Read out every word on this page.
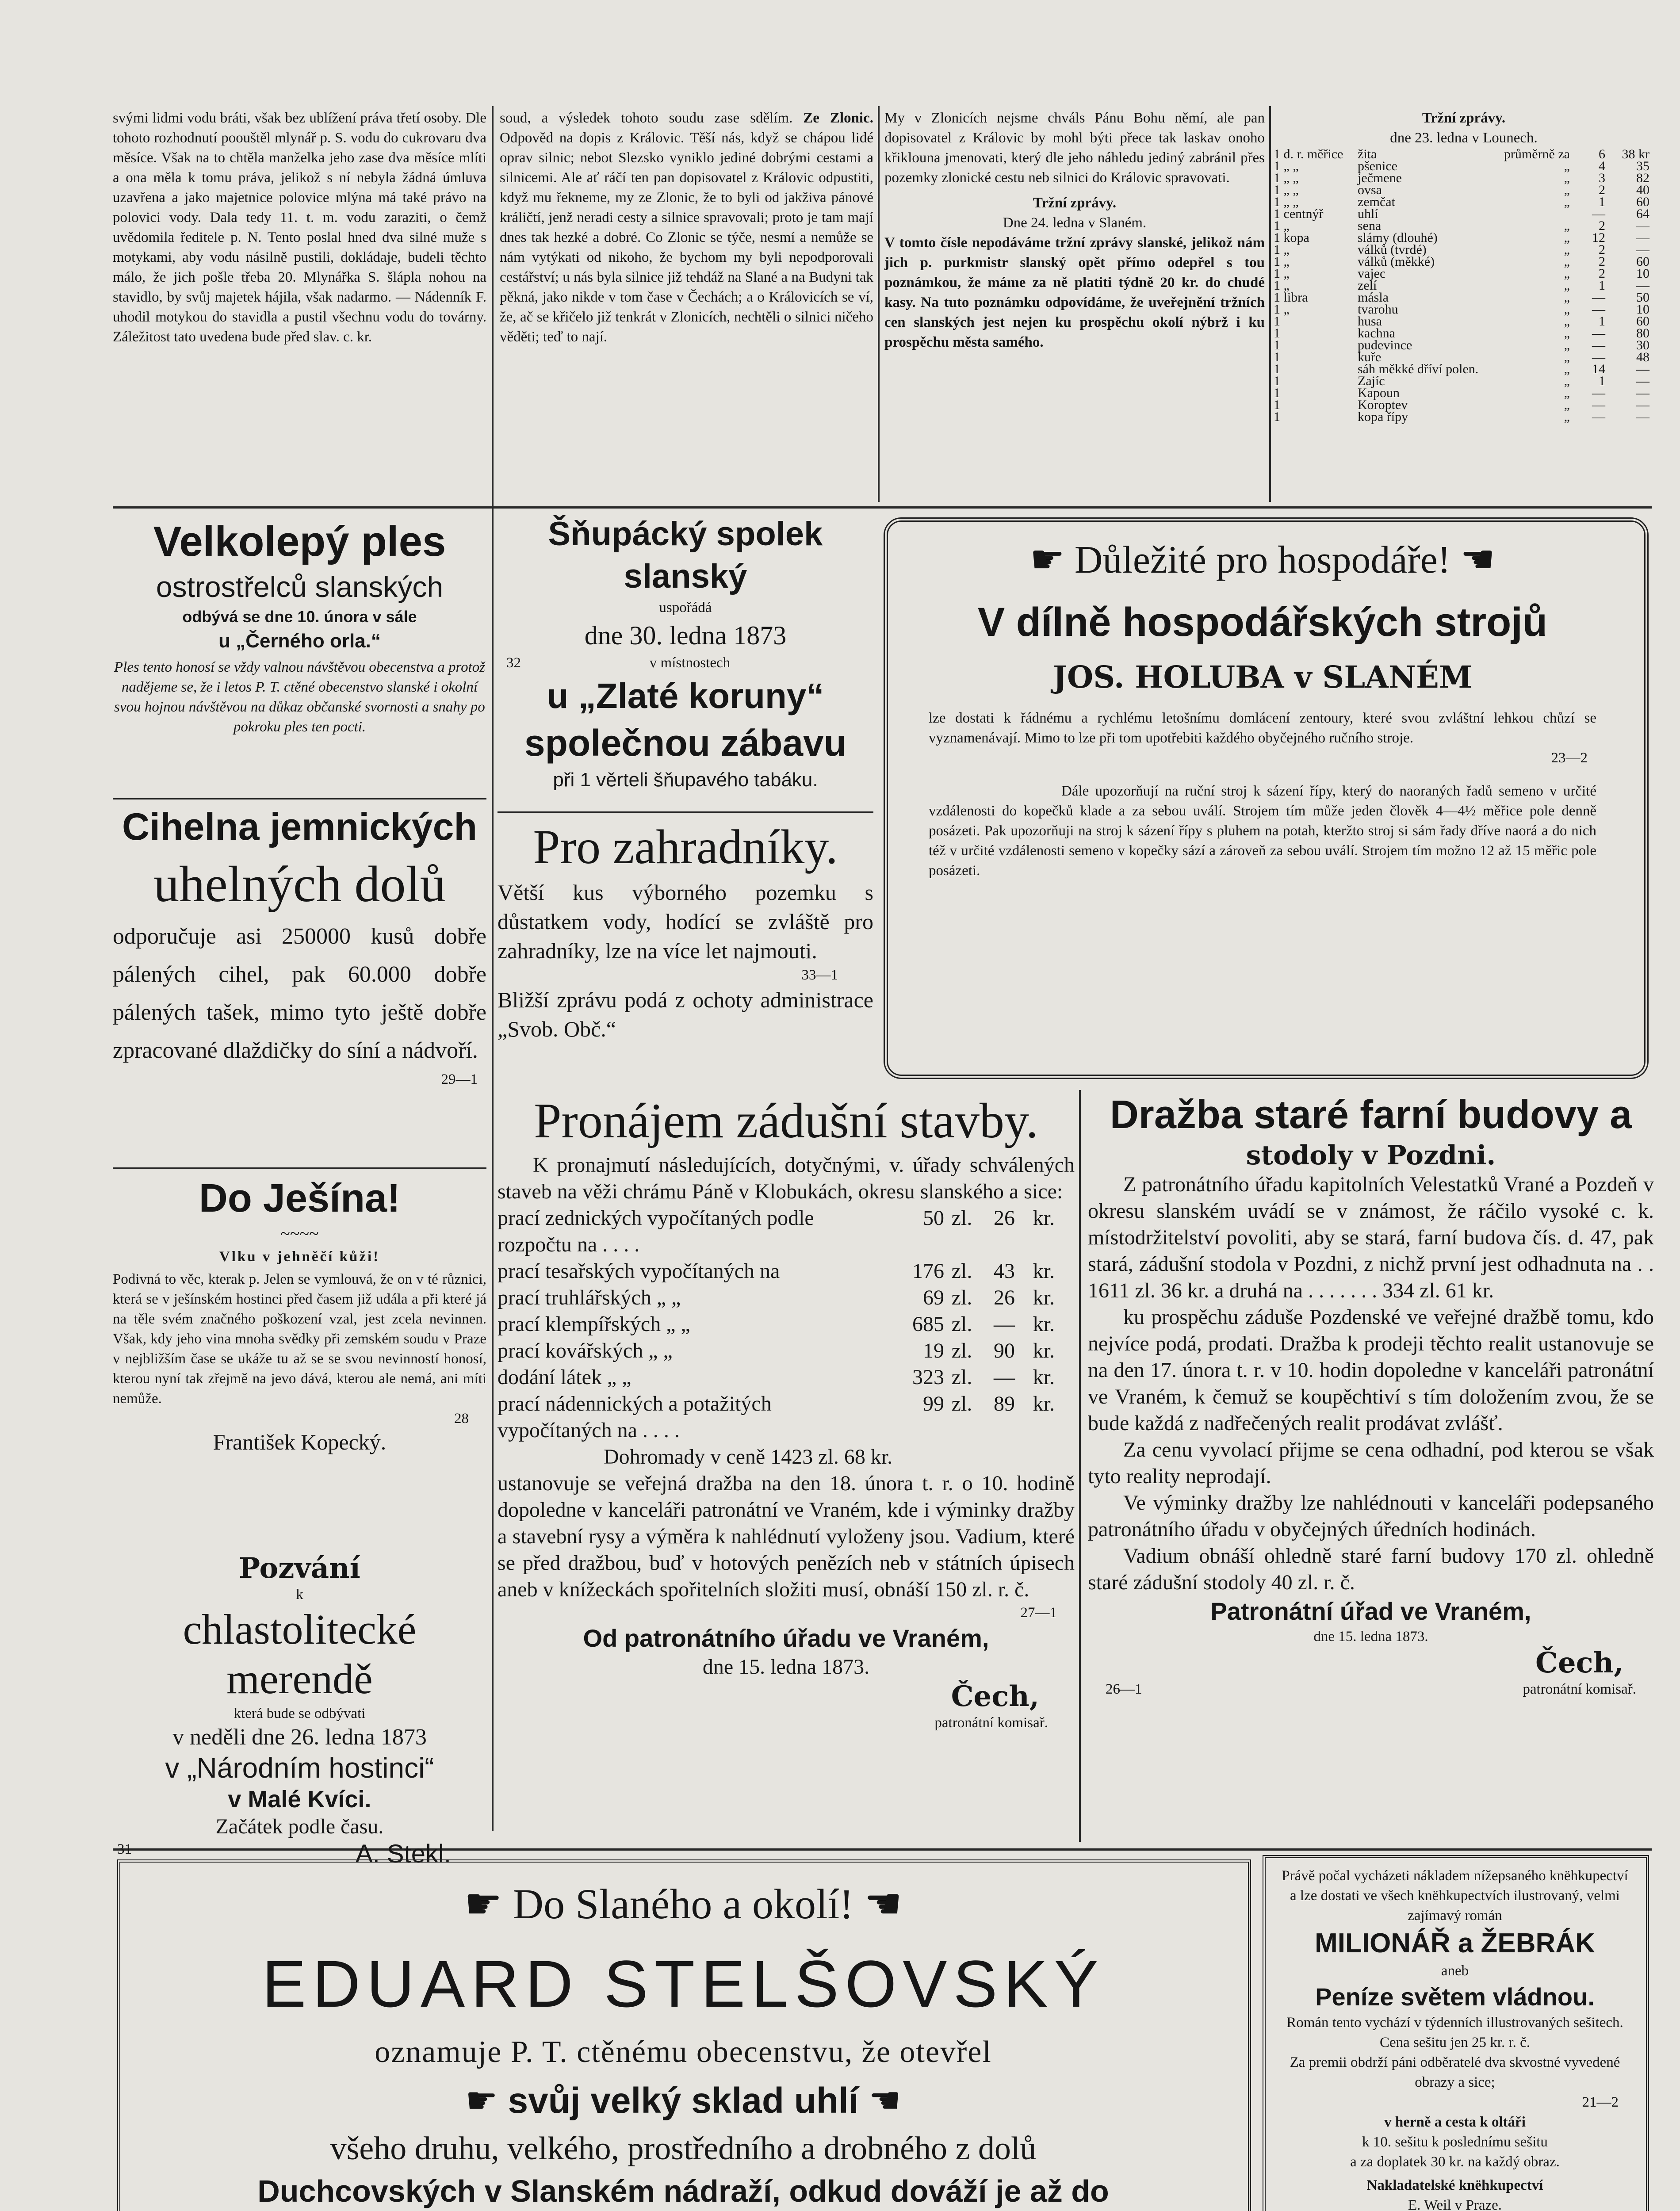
svými lidmi vodu bráti, však bez ublížení práva třetí osoby. Dle tohoto rozhodnutí poouštěl mlynář p. S. vodu do cukrovaru dva měsíce. Však na to chtěla manželka jeho zase dva měsíce mlíti a ona měla k tomu práva, jelikož s ní nebyla žádná úmluva uzavřena a jako majetnice polovice mlýna má také právo na polovici vody. Dala tedy 11. t. m. vodu zaraziti, o čemž uvědomila ředitele p. N. Tento poslal hned dva silné muže s motykami, aby vodu násilně pustili, dokládaje, budeli těchto málo, že jich pošle třeba 20. Mlynářka S. šlápla nohou na stavidlo, by svůj majetek hájila, však nadarmo. — Nádenník F. uhodil motykou do stavidla a pustil všechnu vodu do továrny. Záležitost tato uvedena bude před slav. c. kr.

soud, a výsledek tohoto soudu zase sdělím. Ze Zlonic. Odpověd na dopis z Královic. Těší nás, když se chápou lidé oprav silnic; nebot Slezsko vyniklo jediné dobrými cestami a silnicemi. Ale ať ráčí ten pan dopisovatel z Královic odpustiti, když mu řekneme, my ze Zlonic, že to byli od jakživa pánové králičtí, jenž neradi cesty a silnice spravovali; proto je tam mají dnes tak hezké a dobré. Co Zlonic se týče, nesmí a nemůže se nám vytýkati od nikoho, že bychom my byli nepodporovali cestářství; u nás byla silnice již tehdáž na Slané a na Budyni tak pěkná, jako nikde v tom čase v Čechách; a o Královicích se ví, že, ač se křičelo již tenkrát v Zlonicích, nechtěli o silnici ničeho věděti; teď to nají.

My v Zlonicích nejsme chváls Pánu Bohu němí, ale pan dopisovatel z Královic by mohl býti přece tak laskav onoho křiklouna jmenovati, který dle jeho náhledu jediný zabránil přes pozemky zlonické cestu neb silnici do Královic spravovati.

Tržní zprávy.
Dne 24. ledna v Slaném.

V tomto čísle nepodáváme tržní zprávy slanské, jelikož nám jich p. purkmistr slanský opět přímo odepřel s tou poznámkou, že máme za ně platiti týdně 20 kr. do chudé kasy. Na tuto poznámku odpovídáme, že uveřejnění tržních cen slanských jest nejen ku prospěchu okolí nýbrž i ku prospěchu města samého.

Tržní zprávy.
dne 23. ledna v Lounech.
1 d. r. měřice	žita	průměrně za	6	38 kr
1 „ „	pšenice	„	4	35
1 „ „	ječmene	„	3	82
1 „ „	ovsa	„	2	40
1 „ „	zemčat	„	1	60
1 centnýř	uhlí	—	64
1 „	sena	„	2	—
1 kopa	slámy (dlouhé)	„	12	—
1 „	válků (tvrdé)	„	2	—
1 „	válků (měkké)	„	2	60
1 „	vajec	„	2	10
1 „	zelí	„	1	—
1 libra	másla	„	—	50
1 „	tvarohu	„	—	10
1	husa	„	1	60
1	kachna	„	—	80
1	pudevince	„	—	30
1	kuře	„	—	48
1	sáh měkké dříví polen.	„	14	—
1	Zajíc	„	1	—
1	Kapoun	„	—	—
1	Koroptev	„	—	—
1	kopa řípy	„	—	—
Velkolepý ples
ostrostřelců slanských
odbývá se dne 10. února v sále
u „Černého orla.“

Ples tento honosí se vždy valnou návštěvou obecenstva a protož nadějeme se, že i letos P. T. ctěné obecenstvo slanské i okolní svou hojnou návštěvou na důkaz občanské svornosti a snahy po pokroku ples ten pocti.

Cihelna jemnických
uhelných dolů

odporučuje asi 250000 kusů dobře pálených cihel, pak 60.000 dobře pálených tašek, mimo tyto ještě dobře zpracované dlaždičky do síní a nádvoří.

29—1
Do Ješína!
~~~~
Vlku v jehněčí kůži!

Podivná to věc, kterak p. Jelen se vymlouvá, že on v té různici, která se v ješínském hostinci před časem již udála a při které já na těle svém značného poškození vzal, jest zcela nevinnen. Však, kdy jeho vina mnoha svědky při zemském soudu v Praze v nejbližším čase se ukáže tu až se se svou nevinností honosí, kterou nyní tak zřejmě na jevo dává, kterou ale nemá, ani míti nemůže.

28
František Kopecký.
Pozvání
k
chlastolitecké merendě
která bude se odbývati
v neděli dne 26. ledna 1873
v „Národním hostinci“
v Malé Kvíci.
Začátek podle času.
31	A. Stekl.
Šňupácký spolek slanský
uspořádá
dne 30. ledna 1873
32	v místnostech
u „Zlaté koruny“
společnou zábavu
při 1 věrteli šňupavého tabáku.
Pro zahradníky.

Větší kus výborného pozemku s důstatkem vody, hodící se zvláště pro zahradníky, lze na více let najmouti.

33—1

Bližší zprávu podá z ochoty administrace „Svob. Obč.“

☛ Důležité pro hospodáře! ☚
V dílně hospodářských strojů
JOS. HOLUBA v SLANÉM

lze dostati k řádnému a rychlému letošnímu domlácení zentoury, které svou zvláštní lehkou chůzí se vyznamenávají. Mimo to lze při tom upotřebiti každého obyčejného ručního stroje.

23—2

Dále upozorňují na ruční stroj k sázení řípy, který do naoraných řadů semeno v určité vzdálenosti do kopečků klade a za sebou uválí. Strojem tím může jeden člověk 4—4½ měřice pole denně posázeti. Pak upozorňuji na stroj k sázení řípy s pluhem na potah, kteržto stroj si sám řady dříve naorá a do nich též v určité vzdálenosti semeno v kopečky sází a zároveň za sebou uválí. Strojem tím možno 12 až 15 měřic pole posázeti.

Pronájem zádušní stavby.

K pronajmutí následujících, dotyčnými, v. úřady schválených staveb na věži chrámu Páně v Klobukách, okresu slanského a sice:

prací zednických vypočítaných podle rozpočtu na . . . .
50 zl.	26 kr.
prací tesařských vypočítaných na	176 zl.	43 kr.
prací truhlářských „ „	69 zl.	26 kr.
prací klempířských „ „	685 zl.	— kr.
prací kovářských „ „	19 zl.	90 kr.
dodání látek „ „	323 zl.	— kr.
prací nádennických a potažitých vypočítaných na . . . .
99 zl.	89 kr.
Dohromady v ceně 1423 zl. 68 kr.

ustanovuje se veřejná dražba na den 18. února t. r. o 10. hodině dopoledne v kanceláři patronátní ve Vraném, kde i výminky dražby a stavební rysy a výměra k nahlédnutí vyloženy jsou. Vadium, které se před dražbou, buď v hotových penězích neb v státních úpisech aneb v knížeckách spořitelních složiti musí, obnáší 150 zl. r. č.

27—1
Od patronátního úřadu ve Vraném,
dne 15. ledna 1873.
Čech,
patronátní komisař.
Dražba staré farní budovy a
stodoly v Pozdni.

Z patronátního úřadu kapitolních Velestatků Vrané a Pozdeň v okresu slanském uvádí se v známost, že ráčilo vysoké c. k. místodržitelství povoliti, aby se stará, farní budova čís. d. 47, pak stará, zádušní stodola v Pozdni, z nichž první jest odhadnuta na . . 1611 zl. 36 kr. a druhá na . . . . . . . 334 zl. 61 kr.

ku prospěchu záduše Pozdenské ve veřejné dražbě tomu, kdo nejvíce podá, prodati. Dražba k prodeji těchto realit ustanovuje se na den 17. února t. r. v 10. hodin dopoledne v kanceláři patronátní ve Vraném, k čemuž se koupěchtiví s tím doložením zvou, že se bude každá z nadřečených realit prodávat zvlášť.

Za cenu vyvolací přijme se cena odhadní, pod kterou se však tyto reality neprodají.

Ve výminky dražby lze nahlédnouti v kanceláři podepsaného patronátního úřadu v obyčejných úředních hodinách.

Vadium obnáší ohledně staré farní budovy 170 zl. ohledně staré zádušní stodoly 40 zl. r. č.

Patronátní úřad ve Vraném,
dne 15. ledna 1873.
26—1
Čech,
patronátní komisař.
☛ Do Slaného a okolí! ☚
EDUARD STELŠOVSKÝ
oznamuje P. T. ctěnému obecenstvu, že otevřel
☛ svůj velký sklad uhlí ☚
všeho druhu, velkého, prostředního a drobného z dolů
Duchcovských v Slanském nádraží, odkud dováží je až do

Právě počal vycházeti nákladem nížepsaného knëhkupectví a lze dostati ve všech knëhkupectvích ilustrovaný, velmi zajímavý román

MILIONÁŘ a ŽEBRÁK
aneb
Peníze světem vládnou.

Román tento vychází v týdenních illustrovaných sešitech. Cena sešitu jen 25 kr. r. č.

Za premii obdrží páni odběratelé dva skvostné vyvedené obrazy a sice;

21—2
v herně a cesta k oltáři
k 10. sešitu k poslednímu sešitu
a za doplatek 30 kr. na každý obraz.
Nakladatelské knëhkupectví
E. Weil v Praze.
